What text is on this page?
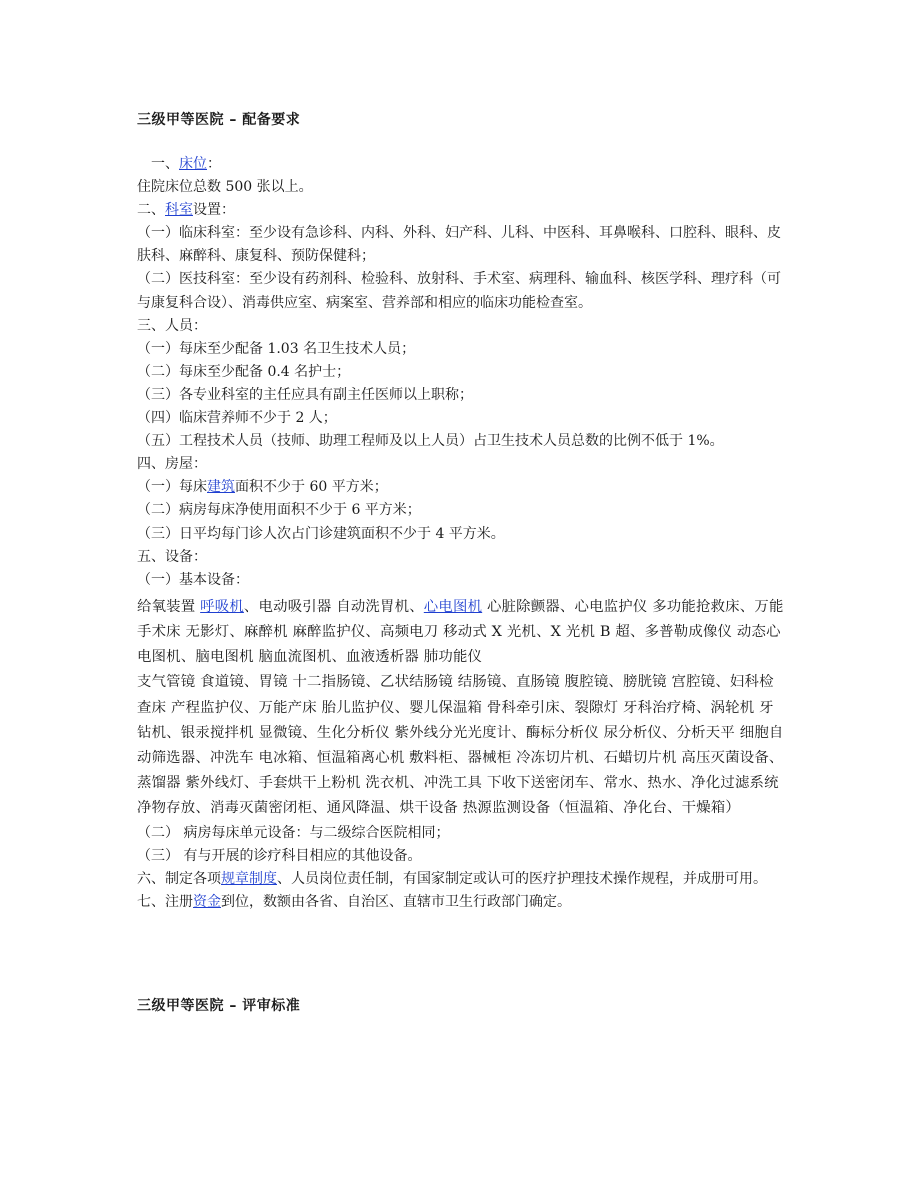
三级甲等医院 – 配备要求

一、床位：

住院床位总数 500 张以上。

二、科室设置：

（一）临床科室：至少设有急诊科、内科、外科、妇产科、儿科、中医科、耳鼻喉科、口腔科、眼科、皮肤科、麻醉科、康复科、预防保健科；

（二）医技科室：至少设有药剂科、检验科、放射科、手术室、病理科、输血科、核医学科、理疗科（可与康复科合设）、消毒供应室、病案室、营养部和相应的临床功能检查室。

三、人员：

（一）每床至少配备 1.03 名卫生技术人员；

（二）每床至少配备 0.4 名护士；

（三）各专业科室的主任应具有副主任医师以上职称；

（四）临床营养师不少于 2 人；

（五）工程技术人员（技师、助理工程师及以上人员）占卫生技术人员总数的比例不低于 1%。

四、房屋：

（一）每床建筑面积不少于 60 平方米；

（二）病房每床净使用面积不少于 6 平方米；

（三）日平均每门诊人次占门诊建筑面积不少于 4 平方米。

五、设备：

（一）基本设备：

给氧装置 呼吸机、电动吸引器 自动洗胃机、心电图机 心脏除颤器、心电监护仪 多功能抢救床、万能手术床 无影灯、麻醉机 麻醉监护仪、高频电刀 移动式 X 光机、X 光机 B 超、多普勒成像仪 动态心电图机、脑电图机 脑血流图机、血液透析器 肺功能仪

支气管镜 食道镜、胃镜 十二指肠镜、乙状结肠镜 结肠镜、直肠镜 腹腔镜、膀胱镜 宫腔镜、妇科检查床 产程监护仪、万能产床 胎儿监护仪、婴儿保温箱 骨科牵引床、裂隙灯 牙科治疗椅、涡轮机 牙钻机、银汞搅拌机 显微镜、生化分析仪 紫外线分光光度计、酶标分析仪 尿分析仪、分析天平 细胞自动筛选器、冲洗车 电冰箱、恒温箱离心机 敷料柜、器械柜 冷冻切片机、石蜡切片机 高压灭菌设备、蒸馏器 紫外线灯、手套烘干上粉机 洗衣机、冲洗工具 下收下送密闭车、常水、热水、净化过滤系统 净物存放、消毒灭菌密闭柜、通风降温、烘干设备 热源监测设备（恒温箱、净化台、干燥箱）

（二） 病房每床单元设备：与二级综合医院相同；

（三） 有与开展的诊疗科目相应的其他设备。

六、制定各项规章制度、人员岗位责任制，有国家制定或认可的医疗护理技术操作规程，并成册可用。

七、注册资金到位，数额由各省、自治区、直辖市卫生行政部门确定。

三级甲等医院 – 评审标准
